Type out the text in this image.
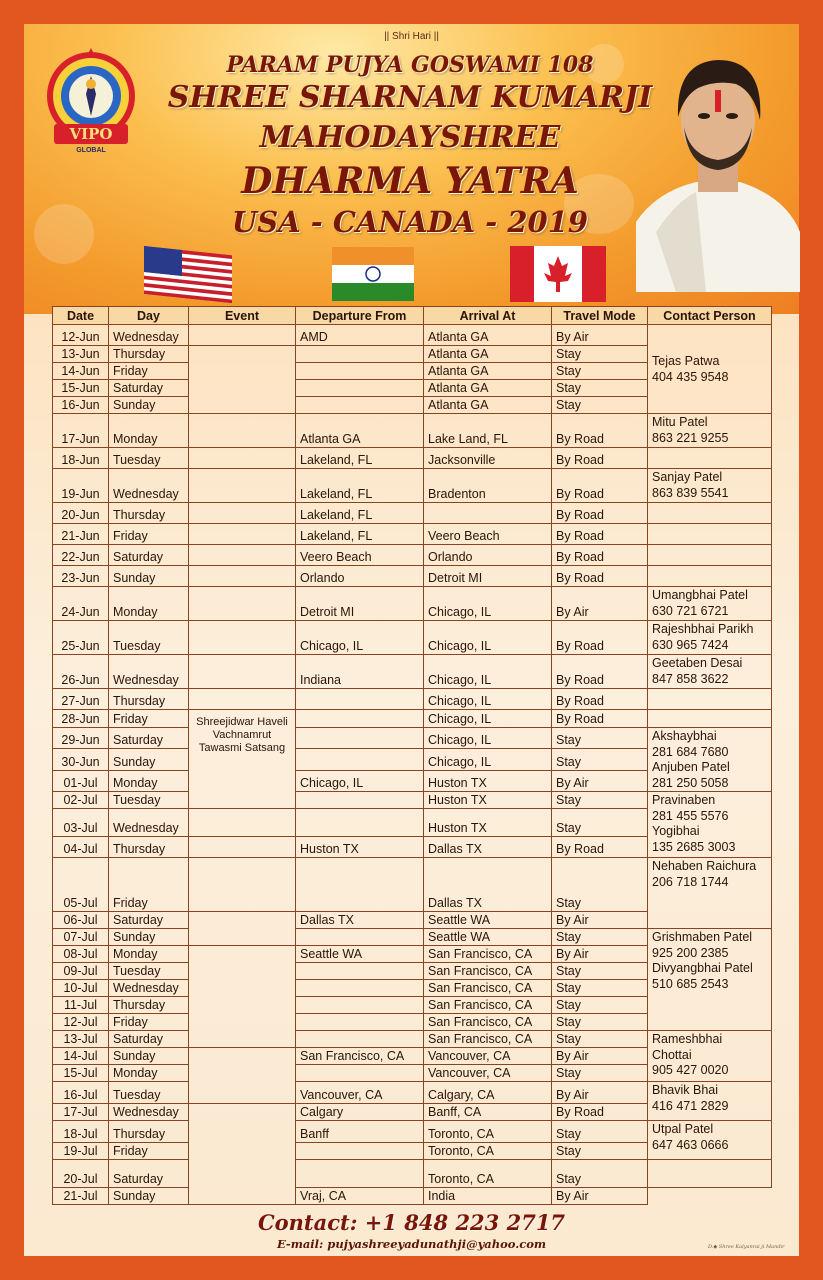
|| Shri Hari ||
VIPO
GLOBAL
PARAM PUJYA GOSWAMI 108
SHREE SHARNAM KUMARJI
MAHODAYSHREE
DHARMA YATRA
USA - CANADA - 2019
Date	Day	Event	Departure From	Arrival At	Travel Mode	Contact Person
12-Jun	Wednesday		AMD	Atlanta GA	By Air	Tejas Patwa
404 435 9548

13-Jun	Thursday			Atlanta GA	Stay	
14-Jun	Friday			Atlanta GA	Stay	
15-Jun	Saturday			Atlanta GA	Stay	
16-Jun	Sunday			Atlanta GA	Stay	
17-Jun	Monday		Atlanta GA	Lake Land, FL	By Road	Mitu Patel
863 221 9255

18-Jun	Tuesday		Lakeland, FL	Jacksonville	By Road	

19-Jun	Wednesday		Lakeland, FL	Bradenton	By Road	Sanjay Patel
863 839 5541

20-Jun	Thursday		Lakeland, FL		By Road	

21-Jun	Friday		Lakeland, FL	Veero Beach	By Road	

22-Jun	Saturday		Veero Beach	Orlando	By Road	

23-Jun	Sunday		Orlando	Detroit MI	By Road	

24-Jun	Monday		Detroit MI	Chicago, IL	By Air	Umangbhai Patel
630 721 6721

25-Jun	Tuesday		Chicago, IL	Chicago, IL	By Road	Rajeshbhai Parikh
630 965 7424

26-Jun	Wednesday		Indiana	Chicago, IL	By Road	Geetaben Desai
847 858 3622

27-Jun	Thursday			Chicago, IL	By Road	

28-Jun	Friday	Shreejidwar Haveli Vachnamrut Tawasmi Satsang		Chicago, IL	By Road	

29-Jun	Saturday			Chicago, IL	Stay	Akshaybhai
281 684 7680
Anjuben Patel
281 250 5058

30-Jun	Sunday			Chicago, IL	Stay	
01-Jul	Monday		Chicago, IL	Huston TX	By Air	
02-Jul	Tuesday			Huston TX	Stay	Pravinaben
281 455 5576
Yogibhai
135 2685 3003

03-Jul	Wednesday			Huston TX	Stay	
04-Jul	Thursday		Huston TX	Dallas TX	By Road	
05-Jul	Friday			Dallas TX	Stay	Nehaben Raichura
206 718 1744

06-Jul	Saturday		Dallas TX	Seattle WA	By Air	
07-Jul	Sunday			Seattle WA	Stay	Grishmaben Patel
925 200 2385
Divyangbhai Patel
510 685 2543

08-Jul	Monday		Seattle WA	San Francisco, CA	By Air	
09-Jul	Tuesday			San Francisco, CA	Stay	
10-Jul	Wednesday			San Francisco, CA	Stay	
11-Jul	Thursday			San Francisco, CA	Stay	
12-Jul	Friday			San Francisco, CA	Stay	
13-Jul	Saturday			San Francisco, CA	Stay	Rameshbhai
Chottai
905 427 0020

14-Jul	Sunday		San Francisco, CA	Vancouver, CA	By Air	
15-Jul	Monday			Vancouver, CA	Stay	
16-Jul	Tuesday		Vancouver, CA	Calgary, CA	By Air	Bhavik Bhai
416 471 2829

17-Jul	Wednesday		Calgary	Banff, CA	By Road	
18-Jul	Thursday		Banff	Toronto, CA	Stay	Utpal Patel
647 463 0666

19-Jul	Friday			Toronto, CA	Stay	
20-Jul	Saturday			Toronto, CA	Stay	

21-Jul	Sunday		Vraj, CA	India	By Air	
Contact: +1 848 223 2717
E-mail: pujyashreeyadunathji@yahoo.com	D.◆ Shree Kalyanrai ji Mandir
